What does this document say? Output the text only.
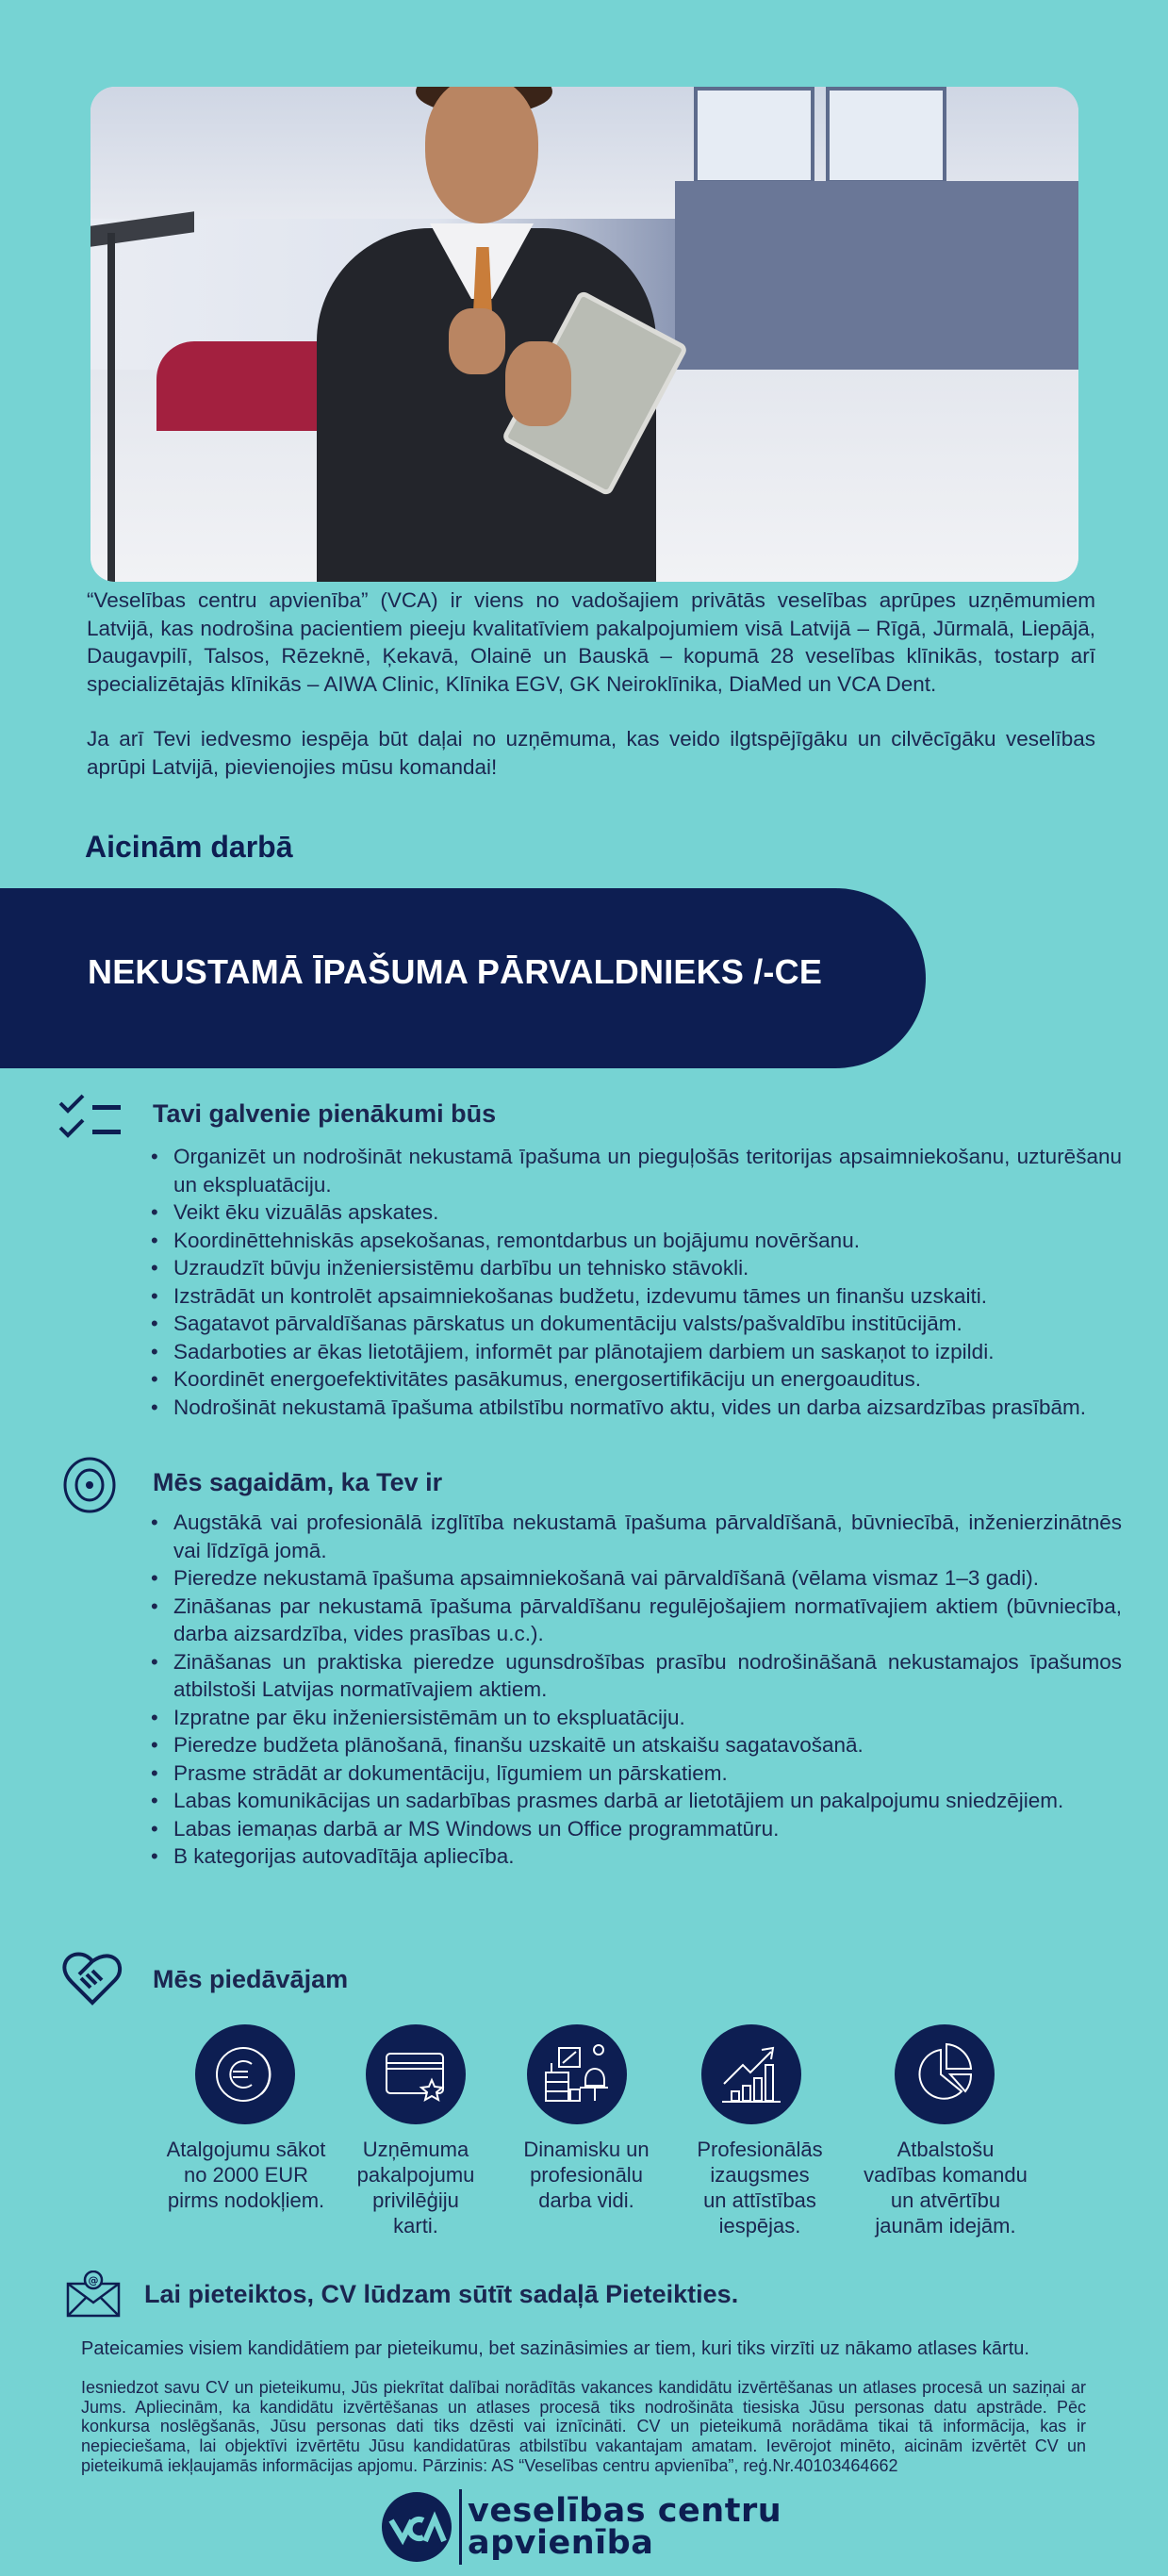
“Veselības centru apvienība” (VCA) ir viens no vadošajiem privātās veselības aprūpes uzņēmumiem Latvijā, kas nodrošina pacientiem pieeju kvalitatīviem pakalpojumiem visā Latvijā – Rīgā, Jūrmalā, Liepājā, Daugavpilī, Talsos, Rēzeknē, Ķekavā, Olainē un Bauskā – kopumā 28 veselības klīnikās, tostarp arī specializētajās klīnikās – AIWA Clinic, Klīnika EGV, GK Neiroklīnika, DiaMed un VCA Dent.

Ja arī Tevi iedvesmo iespēja būt daļai no uzņēmuma, kas veido ilgtspējīgāku un cilvēcīgāku veselības aprūpi Latvijā, pievienojies mūsu komandai!

Aicinām darbā
NEKUSTAMĀ ĪPAŠUMA PĀRVALDNIEKS /-CE
Tavi galvenie pienākumi būs
• Organizēt un nodrošināt nekustamā īpašuma un pieguļošās teritorijas apsaimniekošanu, uzturēšanu un ekspluatāciju.
• Veikt ēku vizuālās apskates.
• Koordinēttehniskās apsekošanas, remontdarbus un bojājumu novēršanu.
• Uzraudzīt būvju inženiersistēmu darbību un tehnisko stāvokli.
• Izstrādāt un kontrolēt apsaimniekošanas budžetu, izdevumu tāmes un finanšu uzskaiti.
• Sagatavot pārvaldīšanas pārskatus un dokumentāciju valsts/pašvaldību institūcijām.
• Sadarboties ar ēkas lietotājiem, informēt par plānotajiem darbiem un saskaņot to izpildi.
• Koordinēt energoefektivitātes pasākumus, energosertifikāciju un energoauditus.
• Nodrošināt nekustamā īpašuma atbilstību normatīvo aktu, vides un darba aizsardzības prasībām.
Mēs sagaidām, ka Tev ir
• Augstākā vai profesionālā izglītība nekustamā īpašuma pārvaldīšanā, būvniecībā, inženierzinātnēs vai līdzīgā jomā.
• Pieredze nekustamā īpašuma apsaimniekošanā vai pārvaldīšanā (vēlama vismaz 1–3 gadi).
• Zināšanas par nekustamā īpašuma pārvaldīšanu regulējošajiem normatīvajiem aktiem (būvniecība, darba aizsardzība, vides prasības u.c.).
• Zināšanas un praktiska pieredze ugunsdrošības prasību nodrošināšanā nekustamajos īpašumos atbilstoši Latvijas normatīvajiem aktiem.
• Izpratne par ēku inženiersistēmām un to ekspluatāciju.
• Pieredze budžeta plānošanā, finanšu uzskaitē un atskaišu sagatavošanā.
• Prasme strādāt ar dokumentāciju, līgumiem un pārskatiem.
• Labas komunikācijas un sadarbības prasmes darbā ar lietotājiem un pakalpojumu sniedzējiem.
• Labas iemaņas darbā ar MS Windows un Office programmatūru.
• B kategorijas autovadītāja apliecība.
Mēs piedāvājam
Atalgojumu sākot
no 2000 EUR
pirms nodokļiem.
Uzņēmuma
pakalpojumu
privilēģiju
karti.
Dinamisku un
profesionālu
darba vidi.
Profesionālās
izaugsmes
un attīstības
iespējas.
Atbalstošu
vadības komandu
un atvērtību
jaunām idejām.
@ Lai pieteiktos, CV lūdzam sūtīt sadaļā Pieteikties.
Pateicamies visiem kandidātiem par pieteikumu, bet sazināsimies ar tiem, kuri tiks virzīti uz nākamo atlases kārtu.
Iesniedzot savu CV un pieteikumu, Jūs piekrītat dalībai norādītās vakances kandidātu izvērtēšanas un atlases procesā un saziņai ar Jums. Apliecinām, ka kandidātu izvērtēšanas un atlases procesā tiks nodrošināta tiesiska Jūsu personas datu apstrāde. Pēc konkursa noslēgšanās, Jūsu personas dati tiks dzēsti vai iznīcināti. CV un pieteikumā norādāma tikai tā informācija, kas ir nepieciešama, lai objektīvi izvērtētu Jūsu kandidatūras atbilstību vakantajam amatam. Ievērojot minēto, aicinām izvērtēt CV un pieteikumā iekļaujamās informācijas apjomu. Pārzinis: AS “Veselības centru apvienība”, reģ.Nr.40103464662
veselības centru
apvienība
